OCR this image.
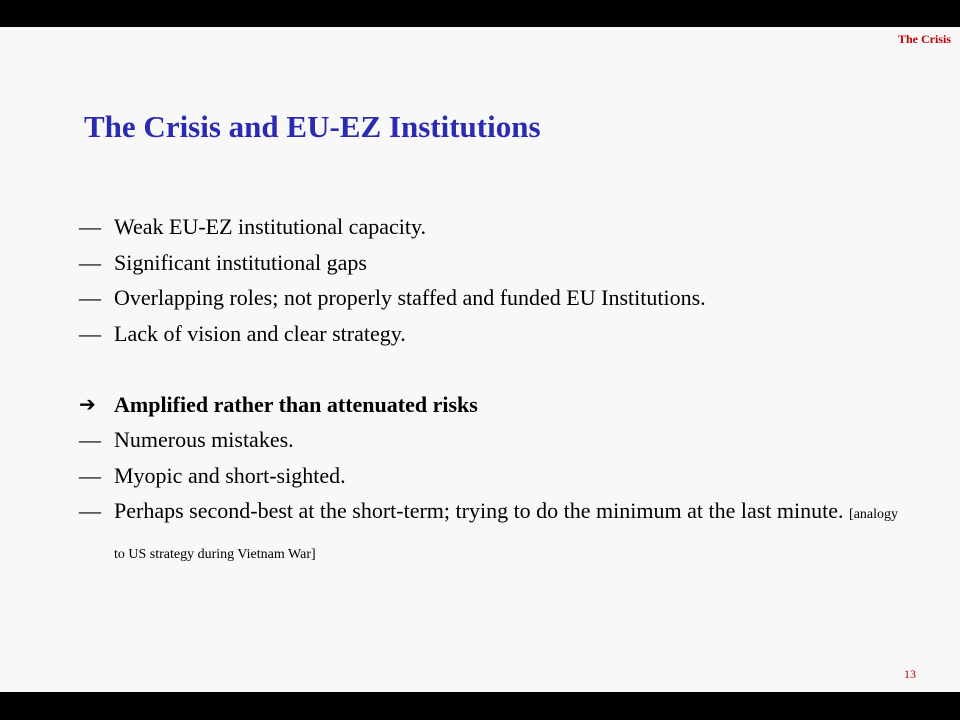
The Crisis
The Crisis and EU-EZ Institutions
— Weak EU-EZ institutional capacity.
— Significant institutional gaps
— Overlapping roles; not properly staffed and funded EU Institutions.
— Lack of vision and clear strategy.
➔ Amplified rather than attenuated risks
— Numerous mistakes.
— Myopic and short-sighted.
— Perhaps second-best at the short-term; trying to do the minimum at the last minute. [analogy to US strategy during Vietnam War]
13
